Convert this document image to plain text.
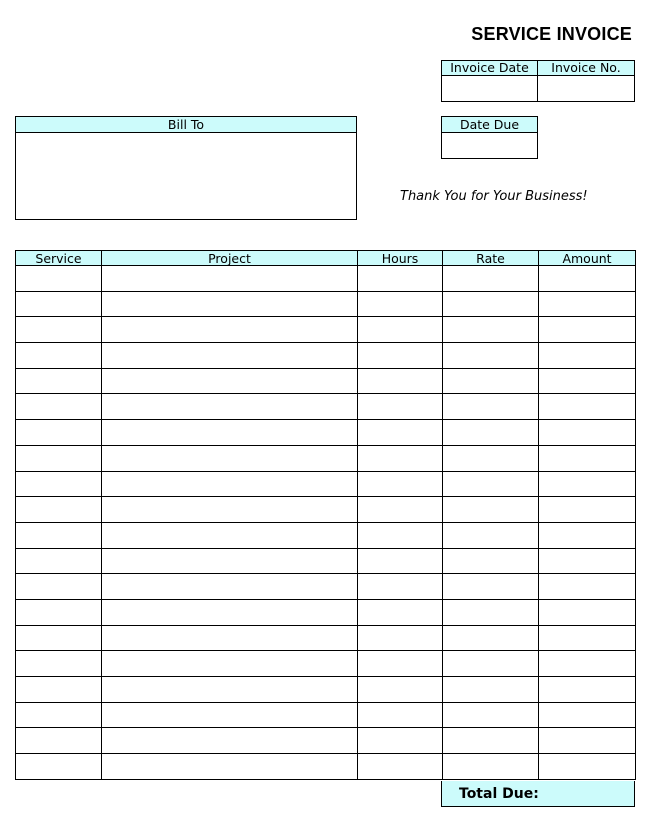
SERVICE INVOICE
Invoice Date	Invoice No.
Bill To	Date Due
Thank You for Your Business!
Service	Project	Hours	Rate	Amount

Total Due:
